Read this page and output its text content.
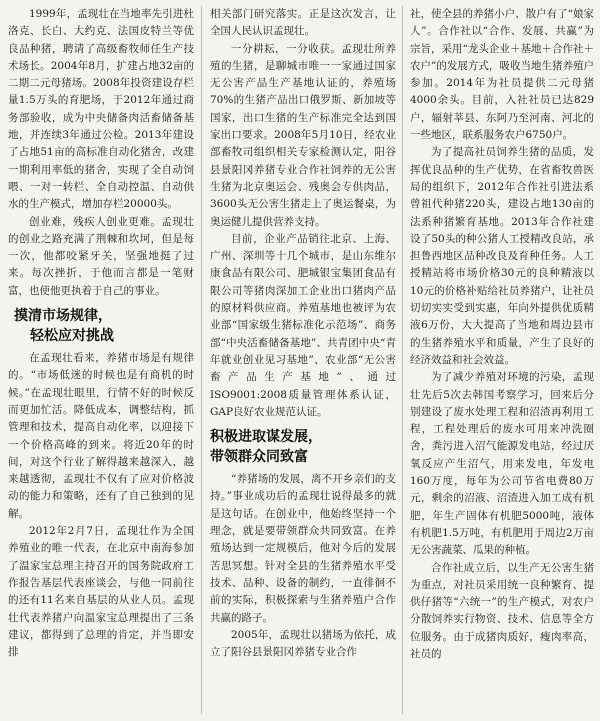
1999年，孟现壮在当地率先引进杜洛克、长白、大约克、法国皮特兰等优良品种猪，聘请了高级畜牧师任生产技术场长。2004年8月，扩建占地32亩的二期二元母猪场。2008年投资建设存栏量1.5万头的育肥场，于2012年通过商务部验收，成为中央储备肉活畜储备基地，并连续3年通过公检。2013年建设了占地51亩的高标准自动化猪舍，改建一期利用率低的猪舍，实现了全自动饲喂、一对一转栏、全自动控温、自动供水的生产模式，增加存栏20000头。

创业难，残疾人创业更难。孟现壮的创业之路充满了荆棘和坎坷，但是每一次，他都咬紧牙关，坚强地挺了过来。每次挫折，于他而言都是一笔财富，也使他更执着于自己的事业。

摸清市场规律，
轻松应对挑战

在孟现壮看来，养猪市场是有规律的。“市场低迷的时候也是有商机的时候。”在孟现壮眼里，行情不好的时候反而更加忙活。降低成本，调整结构，抓管理和技术，提高自动化率，以迎接下一个价格高峰的到来。将近20年的时间，对这个行业了解得越来越深入，越来越透彻，孟现壮不仅有了应对价格波动的能力和策略，还有了自己独到的见解。

2012年2月7日，孟现壮作为全国养殖业的唯一代表，在北京中南海参加了温家宝总理主持召开的国务院政府工作报告基层代表座谈会，与他一同前往的还有11名来自基层的从业人员。孟现壮代表养猪户向温家宝总理提出了三条建议，都得到了总理的肯定，并当即安排

相关部门研究落实。正是这次发言，让全国人民认识孟现壮。

一分耕耘，一分收获。孟现壮所养殖的生猪，是聊城市唯一一家通过国家无公害产品生产基地认证的，养殖场70%的生猪产品出口俄罗斯、新加坡等国家，出口生猪的生产标准完全达到国家出口要求。2008年5月10日，经农业部畜牧司组织相关专家检测认定，阳谷县景阳冈养猪专业合作社饲养的无公害生猪为北京奥运会、残奥会专供肉品，3600头无公害生猪走上了奥运餐桌，为奥运健儿提供营养支持。

目前，企业产品销往北京、上海、广州、深圳等十几个城市，是山东维尔康食品有限公司、肥城银宝集团食品有限公司等猪肉深加工企业出口猪肉产品的原材料供应商。养殖基地也被评为农业部“国家级生猪标准化示范场”、商务部“中央活畜储备基地”、共青团中央“青年就业创业见习基地”、农业部“无公害畜产品生产基地”、通过ISO9001:2008质量管理体系认证，GAP良好农业规范认证。

积极进取谋发展，
带领群众同致富

“养猪场的发展，离不开乡亲们的支持。”事业成功后的孟现壮说得最多的就是这句话。在创业中，他始终坚持一个理念，就是要带领群众共同致富。在养殖场达到一定规模后，他对今后的发展苦思冥想。针对全县的生猪养殖水平受技术、品种、设备的制约，一直徘徊不前的实际，积极探索与生猪养殖户合作共赢的路子。

2005年，孟现壮以猪场为依托，成立了阳谷县景阳冈养猪专业合作

社，使全县的养猪小户、散户有了“娘家人”。合作社以“合作、发展、共赢”为宗旨，采用“龙头企业＋基地＋合作社＋农户”的发展方式，吸收当地生猪养殖户参加。2014年为社员提供二元母猪4000余头。目前，入社社员已达829户，辐射莘县、东阿乃至河南、河北的一些地区，联系服务农户6750户。

为了提高社员饲养生猪的品质，发挥优良品种的生产优势，在省畜牧兽医局的组织下，2012年合作社引进法系曾祖代种猪220头，建设占地130亩的法系种猪繁育基地。2013年合作社建设了50头的种公猪人工授精改良站，承担鲁西地区品种改良及育种任务。人工授精站将市场价格30元的良种精液以10元的价格补贴给社员养猪户，让社员切切实实受到实惠，年向外提供优质精液6万份，大大提高了当地和周边县市的生猪养殖水平和质量，产生了良好的经济效益和社会效益。

为了减少养殖对环境的污染，孟现壮先后5次去韩国考察学习，回来后分别建设了废水处理工程和沼渣再利用工程，工程处理后的废水可用来冲洗圈舍，粪污进入沼气能源发电站，经过厌氧反应产生沼气，用来发电，年发电160万度，每年为公司节省电费80万元，剩余的沼液、沼渣进入加工成有机肥，年生产固体有机肥5000吨，液体有机肥1.5万吨，有机肥用于周边2万亩无公害蔬菜、瓜果的种植。

合作社成立后，以生产无公害生猪为重点，对社员采用统一良种繁育、提供仔猪等“六统一”的生产模式，对农户分散饲养实行物资、技术、信息等全方位服务。由于成猪肉质好，瘦肉率高，社员的
